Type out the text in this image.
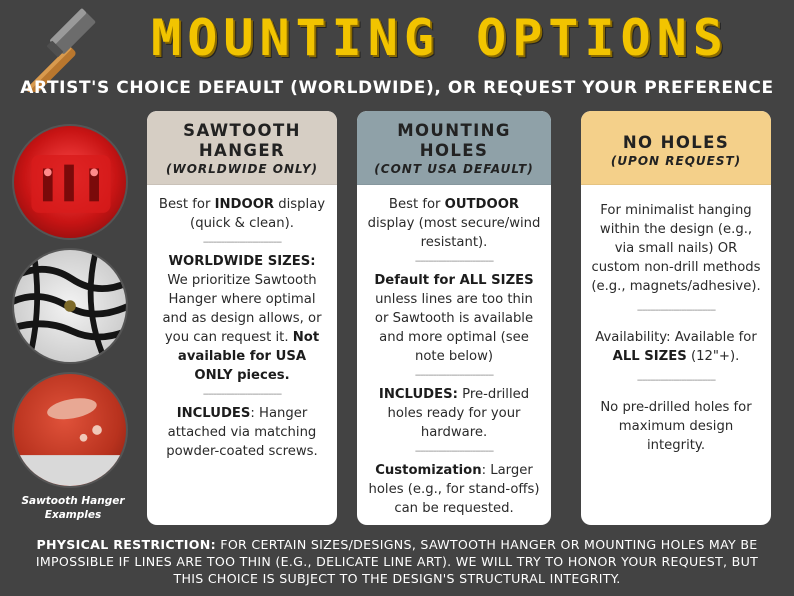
MOUNTING OPTIONS
ARTIST'S CHOICE DEFAULT (WORLDWIDE), OR REQUEST YOUR PREFERENCE
Sawtooth Hanger
Examples
SAWTOOTH
HANGER
(WORLDWIDE ONLY)
Best for INDOOR display (quick & clean).
------------------------------
WORLDWIDE SIZES: We prioritize Sawtooth Hanger where optimal and as design allows, or you can request it. Not available for USA ONLY pieces.
------------------------------
INCLUDES: Hanger attached via matching powder-coated screws.
MOUNTING
HOLES
(CONT USA DEFAULT)
Best for OUTDOOR display (most secure/wind resistant).
------------------------------
Default for ALL SIZES unless lines are too thin or Sawtooth is available and more optimal (see note below)
------------------------------
INCLUDES: Pre-drilled holes ready for your hardware.
------------------------------
Customization: Larger holes (e.g., for stand-offs) can be requested.
NO HOLES
(UPON REQUEST)
For minimalist hanging within the design (e.g., via small nails) OR custom non-drill methods (e.g., magnets/adhesive).
------------------------------
Availability: Available for ALL SIZES (12"+).
------------------------------
No pre-drilled holes for maximum design integrity.
PHYSICAL RESTRICTION: FOR CERTAIN SIZES/DESIGNS, SAWTOOTH HANGER OR MOUNTING HOLES MAY BE IMPOSSIBLE IF LINES ARE TOO THIN (E.G., DELICATE LINE ART). WE WILL TRY TO HONOR YOUR REQUEST, BUT THIS CHOICE IS SUBJECT TO THE DESIGN'S STRUCTURAL INTEGRITY.
